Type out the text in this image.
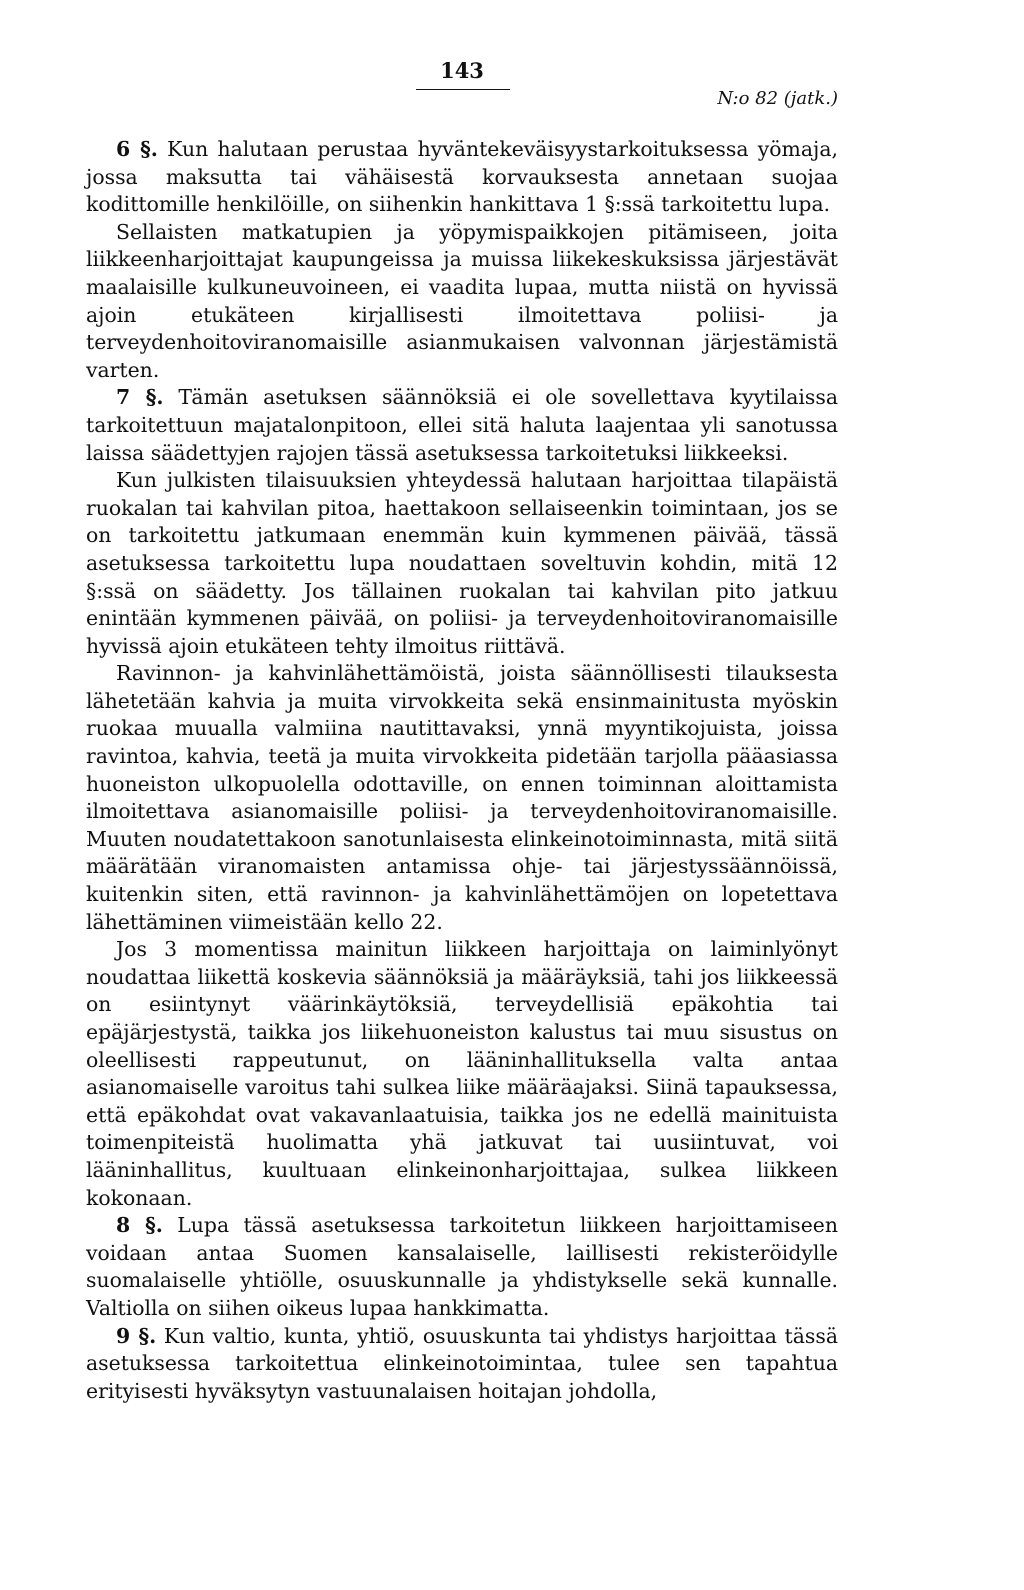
143
N:o 82 (jatk.)

6 §. Kun halutaan perustaa hyväntekeväisyystarkoituksessa yömaja, jossa maksutta tai vähäisestä korvauksesta annetaan suojaa kodittomille henkilöille, on siihenkin hankittava 1 §:ssä tarkoitettu lupa.

Sellaisten matkatupien ja yöpymispaikkojen pitämiseen, joita liikkeenharjoittajat kaupungeissa ja muissa liikekeskuksissa järjestävät maalaisille kulkuneuvoineen, ei vaadita lupaa, mutta niistä on hyvissä ajoin etukäteen kirjallisesti ilmoitettava poliisi- ja terveydenhoitoviranomaisille asianmukaisen valvonnan järjestämistä varten.

7 §. Tämän asetuksen säännöksiä ei ole sovellettava kyytilaissa tarkoitettuun majatalonpitoon, ellei sitä haluta laajentaa yli sanotussa laissa säädettyjen rajojen tässä asetuksessa tarkoitetuksi liikkeeksi.

Kun julkisten tilaisuuksien yhteydessä halutaan harjoittaa tilapäistä ruokalan tai kahvilan pitoa, haettakoon sellaiseenkin toimintaan, jos se on tarkoitettu jatkumaan enemmän kuin kymmenen päivää, tässä asetuksessa tarkoitettu lupa noudattaen soveltuvin kohdin, mitä 12 §:ssä on säädetty. Jos tällainen ruokalan tai kahvilan pito jatkuu enintään kymmenen päivää, on poliisi- ja terveydenhoitoviranomaisille hyvissä ajoin etukäteen tehty ilmoitus riittävä.

Ravinnon- ja kahvinlähettämöistä, joista säännöllisesti tilauksesta lähetetään kahvia ja muita virvokkeita sekä ensinmainitusta myöskin ruokaa muualla valmiina nautittavaksi, ynnä myyntikojuista, joissa ravintoa, kahvia, teetä ja muita virvokkeita pidetään tarjolla pääasiassa huoneiston ulkopuolella odottaville, on ennen toiminnan aloittamista ilmoitettava asianomaisille poliisi- ja terveydenhoitoviranomaisille. Muuten noudatettakoon sanotunlaisesta elinkeinotoiminnasta, mitä siitä määrätään viranomaisten antamissa ohje- tai järjestyssäännöissä, kuitenkin siten, että ravinnon- ja kahvinlähettämöjen on lopetettava lähettäminen viimeistään kello 22.

Jos 3 momentissa mainitun liikkeen harjoittaja on laiminlyönyt noudattaa liikettä koskevia säännöksiä ja määräyksiä, tahi jos liikkeessä on esiintynyt väärinkäytöksiä, terveydellisiä epäkohtia tai epäjärjestystä, taikka jos liikehuoneiston kalustus tai muu sisustus on oleellisesti rappeutunut, on lääninhallituksella valta antaa asianomaiselle varoitus tahi sulkea liike määräajaksi. Siinä tapauksessa, että epäkohdat ovat vakavanlaatuisia, taikka jos ne edellä mainituista toimenpiteistä huolimatta yhä jatkuvat tai uusiintuvat, voi lääninhallitus, kuultuaan elinkeinonharjoittajaa, sulkea liikkeen kokonaan.

8 §. Lupa tässä asetuksessa tarkoitetun liikkeen harjoittamiseen voidaan antaa Suomen kansalaiselle, laillisesti rekisteröidylle suomalaiselle yhtiölle, osuuskunnalle ja yhdistykselle sekä kunnalle. Valtiolla on siihen oikeus lupaa hankkimatta.

9 §. Kun valtio, kunta, yhtiö, osuuskunta tai yhdistys harjoittaa tässä asetuksessa tarkoitettua elinkeinotoimintaa, tulee sen tapahtua erityisesti hyväksytyn vastuunalaisen hoitajan johdolla,
